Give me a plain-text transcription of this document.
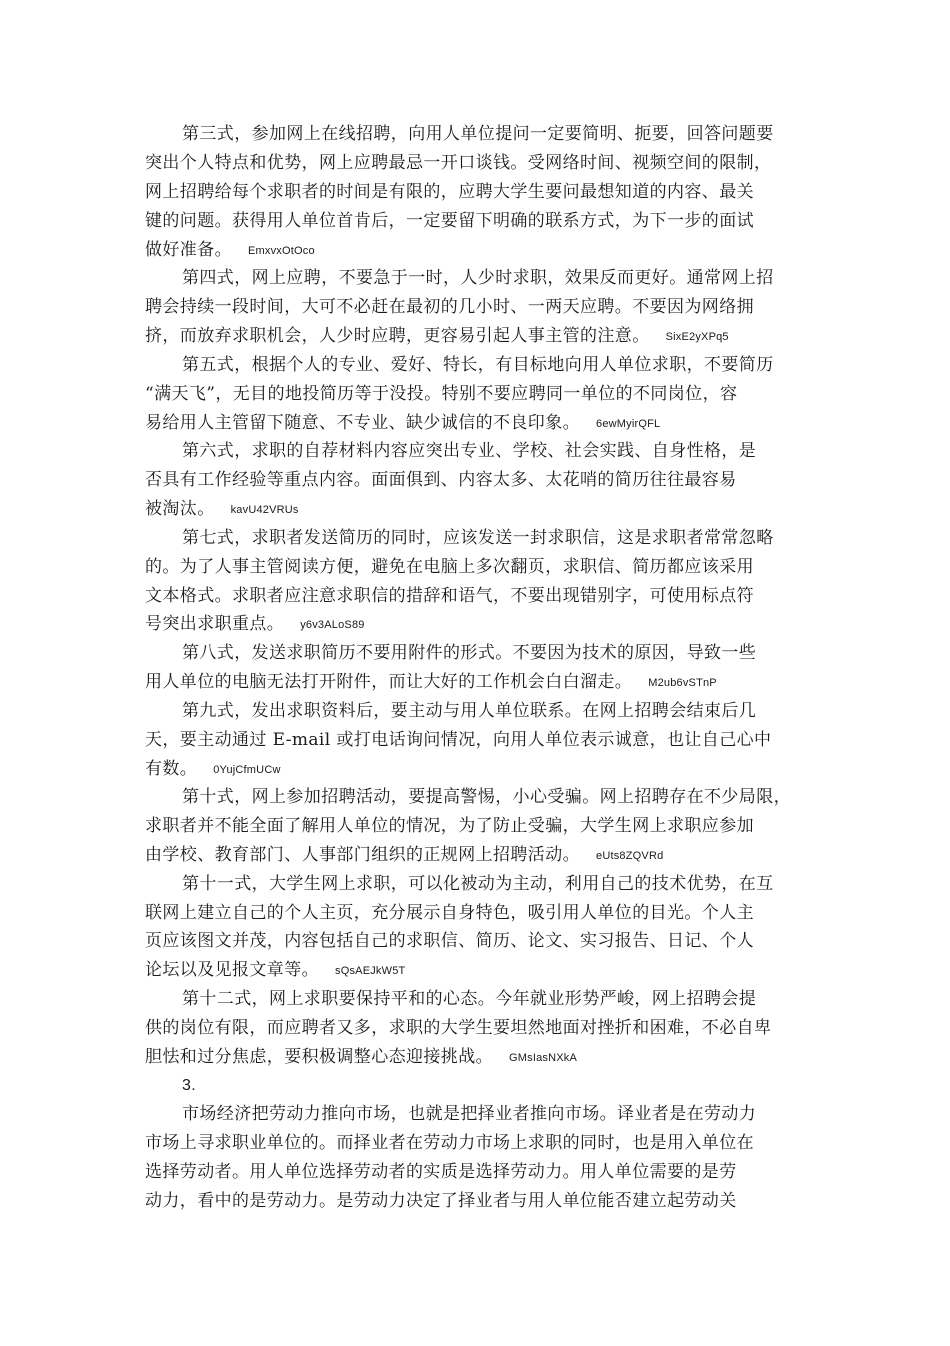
第三式，参加网上在线招聘，向用人单位提问一定要简明、扼要，回答问题要
突出个人特点和优势，网上应聘最忌一开口谈钱。受网络时间、视频空间的限制，
网上招聘给每个求职者的时间是有限的，应聘大学生要问最想知道的内容、最关
键的问题。获得用人单位首肯后，一定要留下明确的联系方式，为下一步的面试
做好准备。 EmxvxOtOco
第四式，网上应聘，不要急于一时，人少时求职，效果反而更好。通常网上招
聘会持续一段时间，大可不必赶在最初的几小时、一两天应聘。不要因为网络拥
挤，而放弃求职机会，人少时应聘，更容易引起人事主管的注意。 SixE2yXPq5
第五式，根据个人的专业、爱好、特长，有目标地向用人单位求职，不要简历
“满天飞”，无目的地投简历等于没投。特别不要应聘同一单位的不同岗位，容
易给用人主管留下随意、不专业、缺少诚信的不良印象。 6ewMyirQFL
第六式，求职的自荐材料内容应突出专业、学校、社会实践、自身性格，是
否具有工作经验等重点内容。面面俱到、内容太多、太花哨的简历往往最容易
被淘汰。 kavU42VRUs
第七式，求职者发送简历的同时，应该发送一封求职信，这是求职者常常忽略
的。为了人事主管阅读方便，避免在电脑上多次翻页，求职信、简历都应该采用
文本格式。求职者应注意求职信的措辞和语气，不要出现错别字，可使用标点符
号突出求职重点。 y6v3ALoS89
第八式，发送求职简历不要用附件的形式。不要因为技术的原因，导致一些
用人单位的电脑无法打开附件，而让大好的工作机会白白溜走。 M2ub6vSTnP
第九式，发出求职资料后，要主动与用人单位联系。在网上招聘会结束后几
天，要主动通过 E-mail 或打电话询问情况，向用人单位表示诚意，也让自己心中
有数。 0YujCfmUCw
第十式，网上参加招聘活动，要提高警惕，小心受骗。网上招聘存在不少局限，
求职者并不能全面了解用人单位的情况，为了防止受骗，大学生网上求职应参加
由学校、教育部门、人事部门组织的正规网上招聘活动。 eUts8ZQVRd
第十一式，大学生网上求职，可以化被动为主动，利用自己的技术优势，在互
联网上建立自己的个人主页，充分展示自身特色，吸引用人单位的目光。个人主
页应该图文并茂，内容包括自己的求职信、简历、论文、实习报告、日记、个人
论坛以及见报文章等。 sQsAEJkW5T
第十二式，网上求职要保持平和的心态。今年就业形势严峻，网上招聘会提
供的岗位有限，而应聘者又多，求职的大学生要坦然地面对挫折和困难，不必自卑
胆怯和过分焦虑，要积极调整心态迎接挑战。 GMsIasNXkA
3.
市场经济把劳动力推向市场，也就是把择业者推向市场。译业者是在劳动力
市场上寻求职业单位的。而择业者在劳动力市场上求职的同时，也是用入单位在
选择劳动者。用人单位选择劳动者的实质是选择劳动力。用人单位需要的是劳
动力，看中的是劳动力。是劳动力决定了择业者与用人单位能否建立起劳动关
